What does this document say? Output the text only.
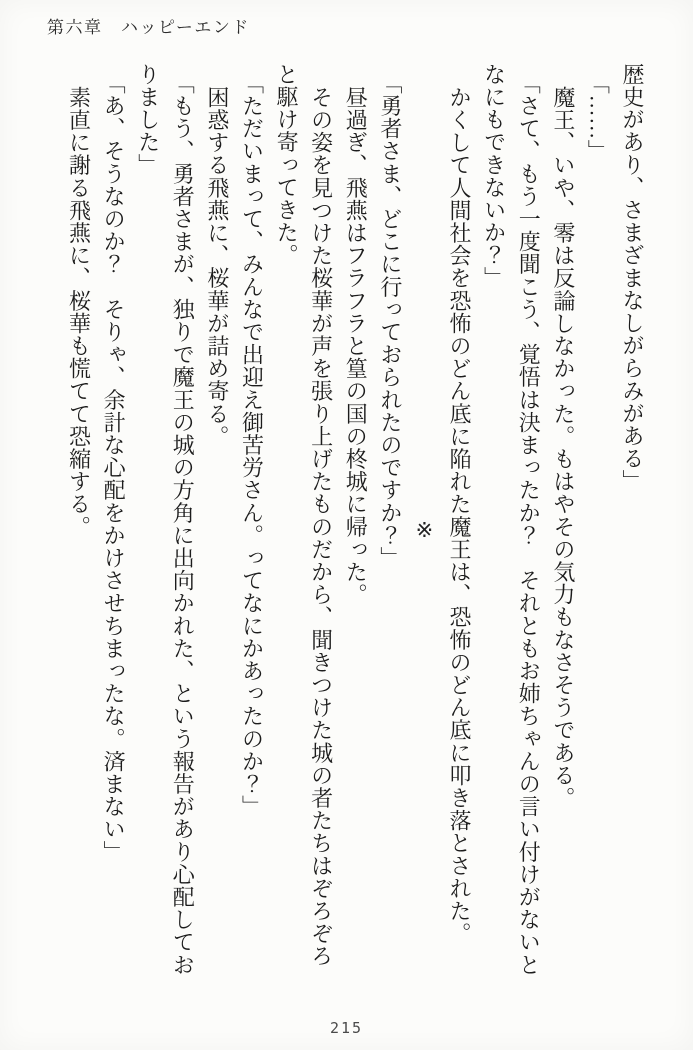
第六章　ハッピーエンド

歴史があり、さまざまなしがらみがある」

「……」

魔王、いや、零は反論しなかった。もはやその気力もなさそうである。

「さて、もう一度聞こう、覚悟は決まったか？　それともお姉ちゃんの言い付けがないと

なにもできないか？」

かくして人間社会を恐怖のどん底に陥れた魔王は、恐怖のどん底に叩き落とされた。

※

「勇者さま、どこに行っておられたのですか？」

昼過ぎ、飛燕はフラフラと篁の国の柊城に帰った。

その姿を見つけた桜華が声を張り上げたものだから、聞きつけた城の者たちはぞろぞろ

と駆け寄ってきた。

「ただいまって、みんなで出迎え御苦労さん。ってなにかあったのか？」

困惑する飛燕に、桜華が詰め寄る。

「もう、勇者さまが、独りで魔王の城の方角に出向かれた、という報告があり心配してお

りました」

「あ、そうなのか？　そりゃ、余計な心配をかけさせちまったな。済まない」

素直に謝る飛燕に、桜華も慌てて恐縮する。

215
